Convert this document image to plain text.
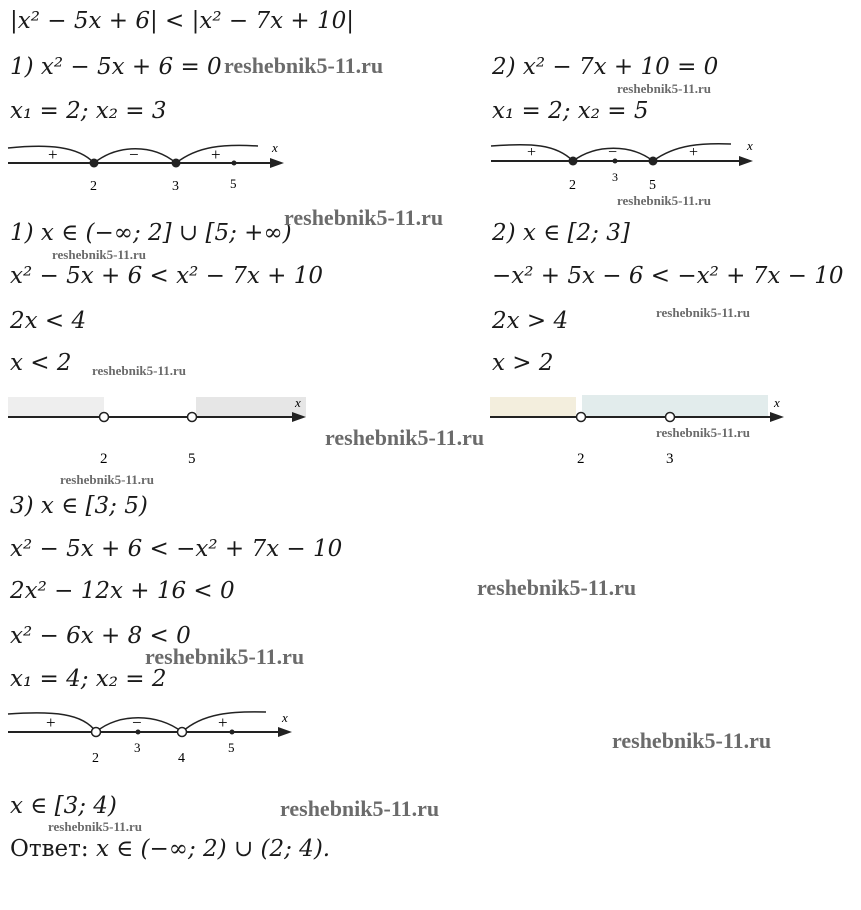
|x² − 5x + 6| < |x² − 7x + 10|
1) x² − 5x + 6 = 0
x₁ = 2; x₂ = 3
2) x² − 7x + 10 = 0
x₁ = 2; x₂ = 5
1) x ∈ (−∞; 2] ∪ [5; +∞)
x² − 5x + 6 < x² − 7x + 10
2x < 4
x < 2
2) x ∈ [2; 3]
−x² + 5x − 6 < −x² + 7x − 10
2x > 4
x > 2
3) x ∈ [3; 5)
x² − 5x + 6 < −x² + 7x − 10
2x² − 12x + 16 < 0
x² − 6x + 8 < 0
x₁ = 4; x₂ = 2
x ∈ [3; 4)
Ответ: x ∈ (−∞; 2) ∪ (2; 4).
x
+	−	+
2	3	5
x
+	−	+
2
3
5
x
2	5
x
2	3
x
+	−	+
2
3
4
5
reshebnik5-11.ru
reshebnik5-11.ru
reshebnik5-11.ru
reshebnik5-11.ru
reshebnik5-11.ru
reshebnik5-11.ru
reshebnik5-11.ru
reshebnik5-11.ru	reshebnik5-11.ru
reshebnik5-11.ru
reshebnik5-11.ru
reshebnik5-11.ru
reshebnik5-11.ru
reshebnik5-11.ru
reshebnik5-11.ru
